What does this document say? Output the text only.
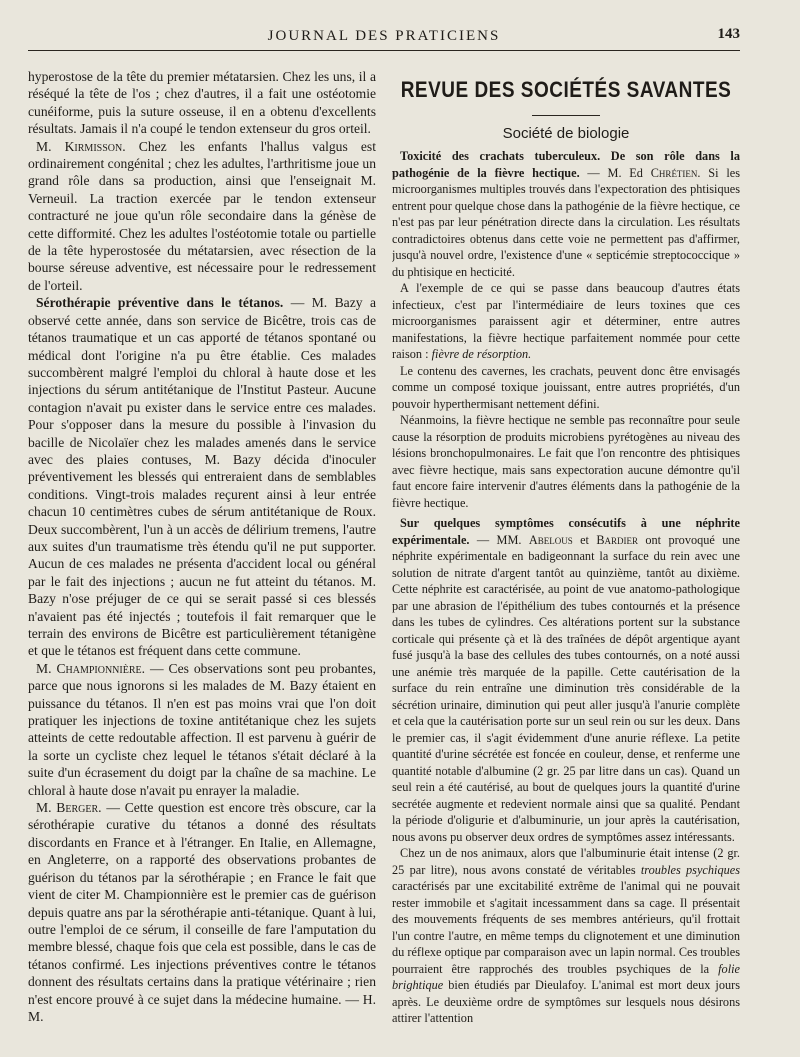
JOURNAL DES PRATICIENS	143

hyperostose de la tête du premier métatarsien. Chez les uns, il a réséqué la tête de l'os ; chez d'autres, il a fait une ostéotomie cunéiforme, puis la suture osseuse, il en a obtenu d'excellents résultats. Jamais il n'a coupé le tendon extenseur du gros orteil.

M. Kirmisson. Chez les enfants l'hallus valgus est ordinairement congénital ; chez les adultes, l'arthritisme joue un grand rôle dans sa production, ainsi que l'enseignait M. Verneuil. La traction exercée par le tendon extenseur contracturé ne joue qu'un rôle secondaire dans la génèse de cette difformité. Chez les adultes l'ostéotomie totale ou partielle de la tête hyperostosée du métatarsien, avec résection de la bourse séreuse adventive, est nécessaire pour le redressement de l'orteil.

Sérothérapie préventive dans le tétanos. — M. Bazy a observé cette année, dans son service de Bicêtre, trois cas de tétanos traumatique et un cas apporté de tétanos spontané ou médical dont l'origine n'a pu être établie. Ces malades succombèrent malgré l'emploi du chloral à haute dose et les injections du sérum antitétanique de l'Institut Pasteur. Aucune contagion n'avait pu exister dans le service entre ces malades. Pour s'opposer dans la mesure du possible à l'invasion du bacille de Nicolaïer chez les malades amenés dans le service avec des plaies contuses, M. Bazy décida d'inoculer préventivement les blessés qui entreraient dans de semblables conditions. Vingt-trois malades reçurent ainsi à leur entrée chacun 10 centimètres cubes de sérum antitétanique de Roux. Deux succombèrent, l'un à un accès de délirium tremens, l'autre aux suites d'un traumatisme très étendu qu'il ne put supporter. Aucun de ces malades ne présenta d'accident local ou général par le fait des injections ; aucun ne fut atteint du tétanos. M. Bazy n'ose préjuger de ce qui se serait passé si ces blessés n'avaient pas été injectés ; toutefois il fait remarquer que le terrain des environs de Bicêtre est particulièrement tétanigène et que le tétanos est fréquent dans cette commune.

M. Championnière. — Ces observations sont peu probantes, parce que nous ignorons si les malades de M. Bazy étaient en puissance du tétanos. Il n'en est pas moins vrai que l'on doit pratiquer les injections de toxine antitétanique chez les sujets atteints de cette redoutable affection. Il est parvenu à guérir de la sorte un cycliste chez lequel le tétanos s'était déclaré à la suite d'un écrasement du doigt par la chaîne de sa machine. Le chloral à haute dose n'avait pu enrayer la maladie.

M. Berger. — Cette question est encore très obscure, car la sérothérapie curative du tétanos a donné des résultats discordants en France et à l'étranger. En Italie, en Allemagne, en Angleterre, on a rapporté des observations probantes de guérison du tétanos par la sérothérapie ; en France le fait que vient de citer M. Championnière est le premier cas de guérison depuis quatre ans par la sérothérapie anti-tétanique. Quant à lui, outre l'emploi de ce sérum, il conseille de fare l'amputation du membre blessé, chaque fois que cela est possible, dans le cas de tétanos confirmé. Les injections préventives contre le tétanos donnent des résultats certains dans la pratique vétérinaire ; rien n'est encore prouvé à ce sujet dans la médecine humaine. — H. M.

REVUE DES SOCIÉTÉS SAVANTES
Société de biologie

Toxicité des crachats tuberculeux. De son rôle dans la pathogénie de la fièvre hectique. — M. Ed Chrétien. Si les microorganismes multiples trouvés dans l'expectoration des phtisiques entrent pour quelque chose dans la pathogénie de la fièvre hectique, ce n'est pas par leur pénétration directe dans la circulation. Les résultats contradictoires obtenus dans cette voie ne permettent pas d'affirmer, jusqu'à nouvel ordre, l'existence d'une « septicémie streptococcique » du phtisique en hecticité.

A l'exemple de ce qui se passe dans beaucoup d'autres états infectieux, c'est par l'intermédiaire de leurs toxines que ces microorganismes paraissent agir et déterminer, entre autres manifestations, la fièvre hectique parfaitement nommée pour cette raison : fièvre de résorption.

Le contenu des cavernes, les crachats, peuvent donc être envisagés comme un composé toxique jouissant, entre autres propriétés, d'un pouvoir hyperthermisant nettement défini.

Néanmoins, la fièvre hectique ne semble pas reconnaître pour seule cause la résorption de produits microbiens pyrétogènes au niveau des lésions bronchopulmonaires. Le fait que l'on rencontre des phtisiques avec fièvre hectique, mais sans expectoration aucune démontre qu'il faut encore faire intervenir d'autres éléments dans la pathogénie de la fièvre hectique.

Sur quelques symptômes consécutifs à une néphrite expérimentale. — MM. Abelous et Bardier ont provoqué une néphrite expérimentale en badigeonnant la surface du rein avec une solution de nitrate d'argent tantôt au quinzième, tantôt au dixième. Cette néphrite est caractérisée, au point de vue anatomo-pathologique par une abrasion de l'épithélium des tubes contournés et la présence dans les tubes de cylindres. Ces altérations portent sur la substance corticale qui présente çà et là des traînées de dépôt argentique ayant fusé jusqu'à la base des cellules des tubes contournés, on a noté aussi une anémie très marquée de la papille. Cette cautérisation de la surface du rein entraîne une diminution très considérable de la sécrétion urinaire, diminution qui peut aller jusqu'à l'anurie complète et cela que la cautérisation porte sur un seul rein ou sur les deux. Dans le premier cas, il s'agit évidemment d'une anurie réflexe. La petite quantité d'urine sécrétée est foncée en couleur, dense, et renferme une quantité notable d'albumine (2 gr. 25 par litre dans un cas). Quand un seul rein a été cautérisé, au bout de quelques jours la quantité d'urine secrétée augmente et redevient normale ainsi que sa qualité. Pendant la période d'oligurie et d'albuminurie, un jour après la cautérisation, nous avons pu observer deux ordres de symptômes assez intéressants.

Chez un de nos animaux, alors que l'albuminurie était intense (2 gr. 25 par litre), nous avons constaté de véritables troubles psychiques caractérisés par une excitabilité extrême de l'animal qui ne pouvait rester immobile et s'agitait incessamment dans sa cage. Il présentait des mouvements fréquents de ses membres antérieurs, qu'il frottait l'un contre l'autre, en même temps du clignotement et une diminution du réflexe optique par comparaison avec un lapin normal. Ces troubles pourraient être rapprochés des troubles psychiques de la folie brightique bien étudiés par Dieulafoy. L'animal est mort deux jours après. Le deuxième ordre de symptômes sur lesquels nous désirons attirer l'attention
